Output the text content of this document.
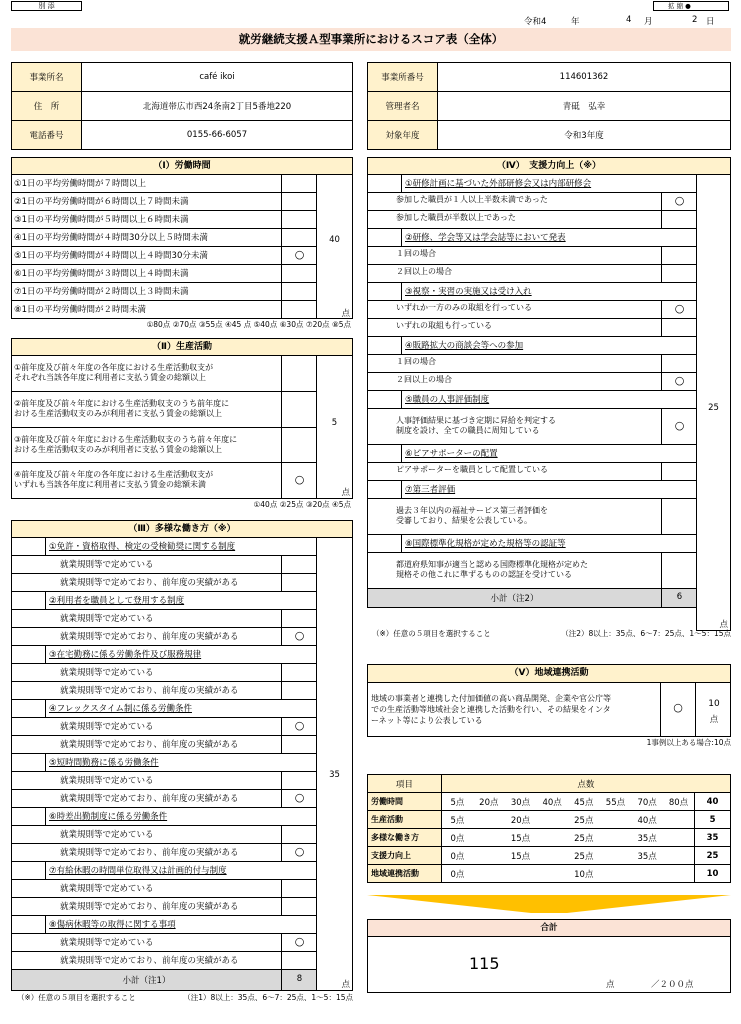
別 添	拡 縮 ●
令和4	年	4 月	2 日
就労継続支援Ａ型事業所におけるスコア表（全体）
事業所名	café ikoi
住　所	北海道帯広市西24条南2丁目5番地220
電話番号	0155-66-6057
事業所番号	114601362
管理者名	青砥　弘幸
対象年度	令和3年度
（Ⅰ）労働時間
①1日の平均労働時間が７時間以上
②1日の平均労働時間が６時間以上７時間未満
③1日の平均労働時間が５時間以上６時間未満
④1日の平均労働時間が４時間30分以上５時間未満
⑤1日の平均労働時間が４時間以上４時間30分未満	○
⑥1日の平均労働時間が３時間以上４時間未満
⑦1日の平均労働時間が２時間以上３時間未満
⑧1日の平均労働時間が２時間未満
40
点
①80点 ②70点 ③55点 ④45 点 ⑤40点 ⑥30点 ⑦20点 ⑧5点
（Ⅱ）生産活動
①前年度及び前々年度の各年度における生産活動収支が
それぞれ当該各年度に利用者に支払う賃金の総額以上
②前年度及び前々年度における生産活動収支のうち前年度に
おける生産活動収支のみが利用者に支払う賃金の総額以上
③前年度及び前々年度における生産活動収支のうち前々年度に
おける生産活動収支のみが利用者に支払う賃金の総額以上
④前年度及び前々年度の各年度における生産活動収支が
いずれも当該各年度に利用者に支払う賃金の総額未満	○
5
点
①40点 ②25点 ③20点 ④5点
（Ⅲ）多様な働き方（※）
①免許・資格取得、検定の受検勧奨に関する制度
就業規則等で定めている
就業規則等で定めており、前年度の実績がある
②利用者を職員として登用する制度
就業規則等で定めている
就業規則等で定めており、前年度の実績がある	○
③在宅勤務に係る労働条件及び服務規律
就業規則等で定めている
就業規則等で定めており、前年度の実績がある
④フレックスタイム制に係る労働条件
就業規則等で定めている	○
就業規則等で定めており、前年度の実績がある
⑤短時間勤務に係る労働条件
就業規則等で定めている
就業規則等で定めており、前年度の実績がある	○
⑥時差出勤制度に係る労働条件
就業規則等で定めている
就業規則等で定めており、前年度の実績がある	○
⑦有給休暇の時間単位取得又は計画的付与制度
就業規則等で定めている
就業規則等で定めており、前年度の実績がある
⑧傷病休暇等の取得に関する事項
就業規則等で定めている	○
就業規則等で定めており、前年度の実績がある
小計（注1）	8
35
点
（※）任意の５項目を選択すること	（注1）8以上：35点、6～7：25点、1～5：15点
（Ⅳ）　支援力向上（※）
①研修計画に基づいた外部研修会又は内部研修会
参加した職員が１人以上半数未満であった	○
参加した職員が半数以上であった
②研修、学会等又は学会誌等において発表
１回の場合
２回以上の場合
③視察・実習の実施又は受け入れ
いずれか一方のみの取組を行っている	○
いずれの取組も行っている
④販路拡大の商談会等への参加
１回の場合
２回以上の場合	○
⑤職員の人事評価制度
人事評価結果に基づき定期に昇給を判定する
制度を設け、全ての職員に周知している	○
⑥ピアサポーターの配置
ピアサポーターを職員として配置している
⑦第三者評価
過去３年以内の福祉サービス第三者評価を
受審しており、結果を公表している。
⑧国際標準化規格が定めた規格等の認証等
都道府県知事が適当と認める国際標準化規格が定めた
規格その他これに準ずるものの認証を受けている
小計（注2）	6
25
点
（※）任意の５項目を選択すること	（注2）8以上：35点、6～7：25点、1～5：15点
（Ⅴ）地域連携活動
地域の事業者と連携した付加価値の高い商品開発、企業や官公庁等
での生産活動等地域社会と連携した活動を行い、その結果をインタ
ーネット等により公表している
○	10
点
1事例以上ある場合:10点
項目	点数								
労働時間	5点	20点	30点	40点	45点	55点	70点	80点	40
生産活動	5点		20点		25点		40点		5
多様な働き方	0点		15点		25点		35点		35
支援力向上	0点		15点		25点		35点		25
地域連携活動	0点				10点				10
合計
115
点	／２００点
